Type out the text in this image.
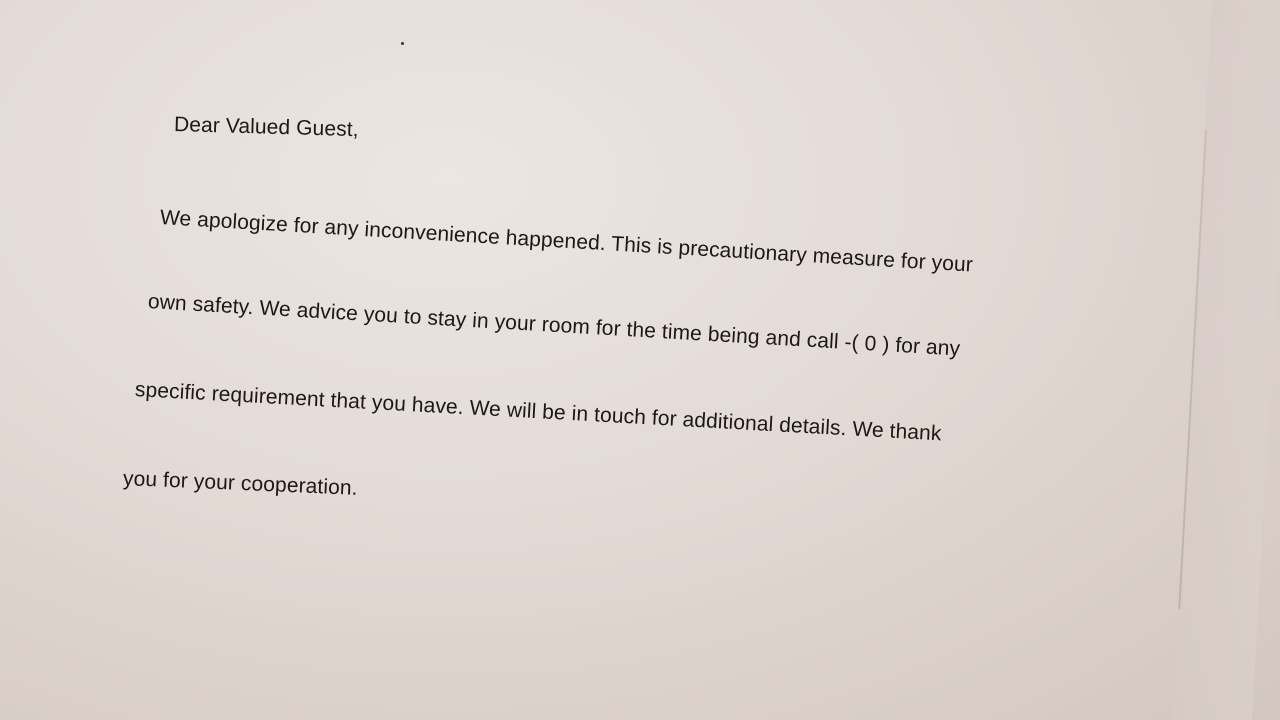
Dear Valued Guest,
We apologize for any inconvenience happened. This is precautionary measure for your
own safety. We advice you to stay in your room for the time being and call -( 0 ) for any
specific requirement that you have. We will be in touch for additional details. We thank
you for your cooperation.
